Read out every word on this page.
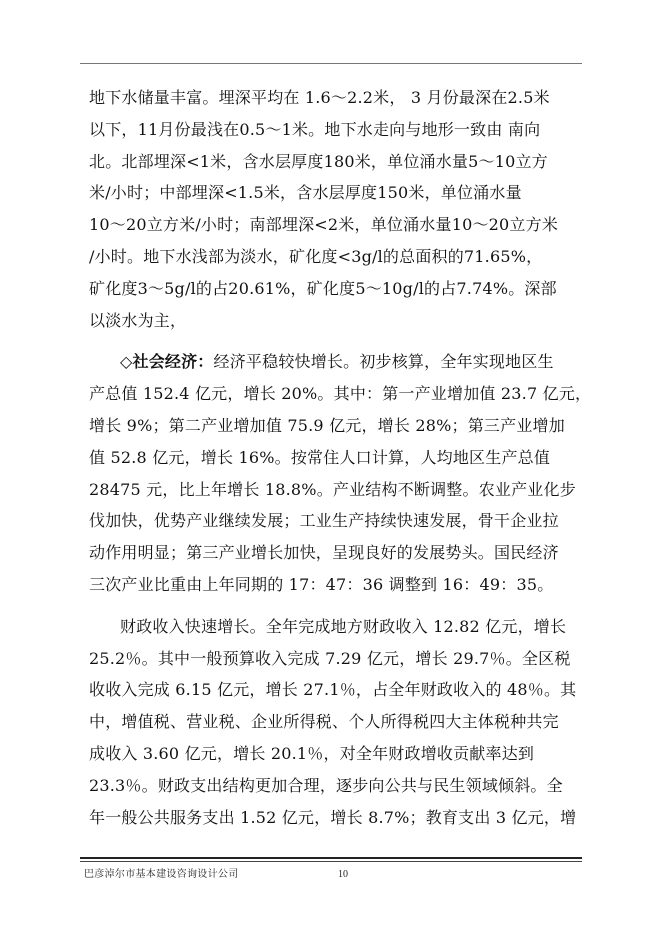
地下水储量丰富。埋深平均在 1.6～2.2米， 3 月份最深在2.5米
以下，11月份最浅在0.5～1米。地下水走向与地形一致由 南向
北。北部埋深<1米，含水层厚度180米，单位涌水量5～10立方
米/小时；中部埋深<1.5米，含水层厚度150米，单位涌水量
10～20立方米/小时；南部埋深<2米，单位涌水量10～20立方米
/小时。地下水浅部为淡水，矿化度<3g/l的总面积的71.65%，
矿化度3～5g/l的占20.61%，矿化度5～10g/l的占7.74%。深部
以淡水为主，
◇社会经济：经济平稳较快增长。初步核算，全年实现地区生
产总值 152.4 亿元，增长 20%。其中：第一产业增加值 23.7 亿元，
增长 9%；第二产业增加值 75.9 亿元，增长 28%；第三产业增加
值 52.8 亿元，增长 16%。按常住人口计算，人均地区生产总值
28475 元，比上年增长 18.8%。产业结构不断调整。农业产业化步
伐加快，优势产业继续发展；工业生产持续快速发展，骨干企业拉
动作用明显；第三产业增长加快，呈现良好的发展势头。国民经济
三次产业比重由上年同期的 17：47：36 调整到 16：49：35。
财政收入快速增长。全年完成地方财政收入 12.82 亿元，增长
25.2％。其中一般预算收入完成 7.29 亿元，增长 29.7％。全区税
收收入完成 6.15 亿元，增长 27.1％，占全年财政收入的 48％。其
中，增值税、营业税、企业所得税、个人所得税四大主体税种共完
成收入 3.60 亿元，增长 20.1％，对全年财政增收贡献率达到
23.3％。财政支出结构更加合理，逐步向公共与民生领域倾斜。全
年一般公共服务支出 1.52 亿元，增长 8.7%；教育支出 3 亿元，增
巴彦淖尔市基本建设咨询设计公司	10
